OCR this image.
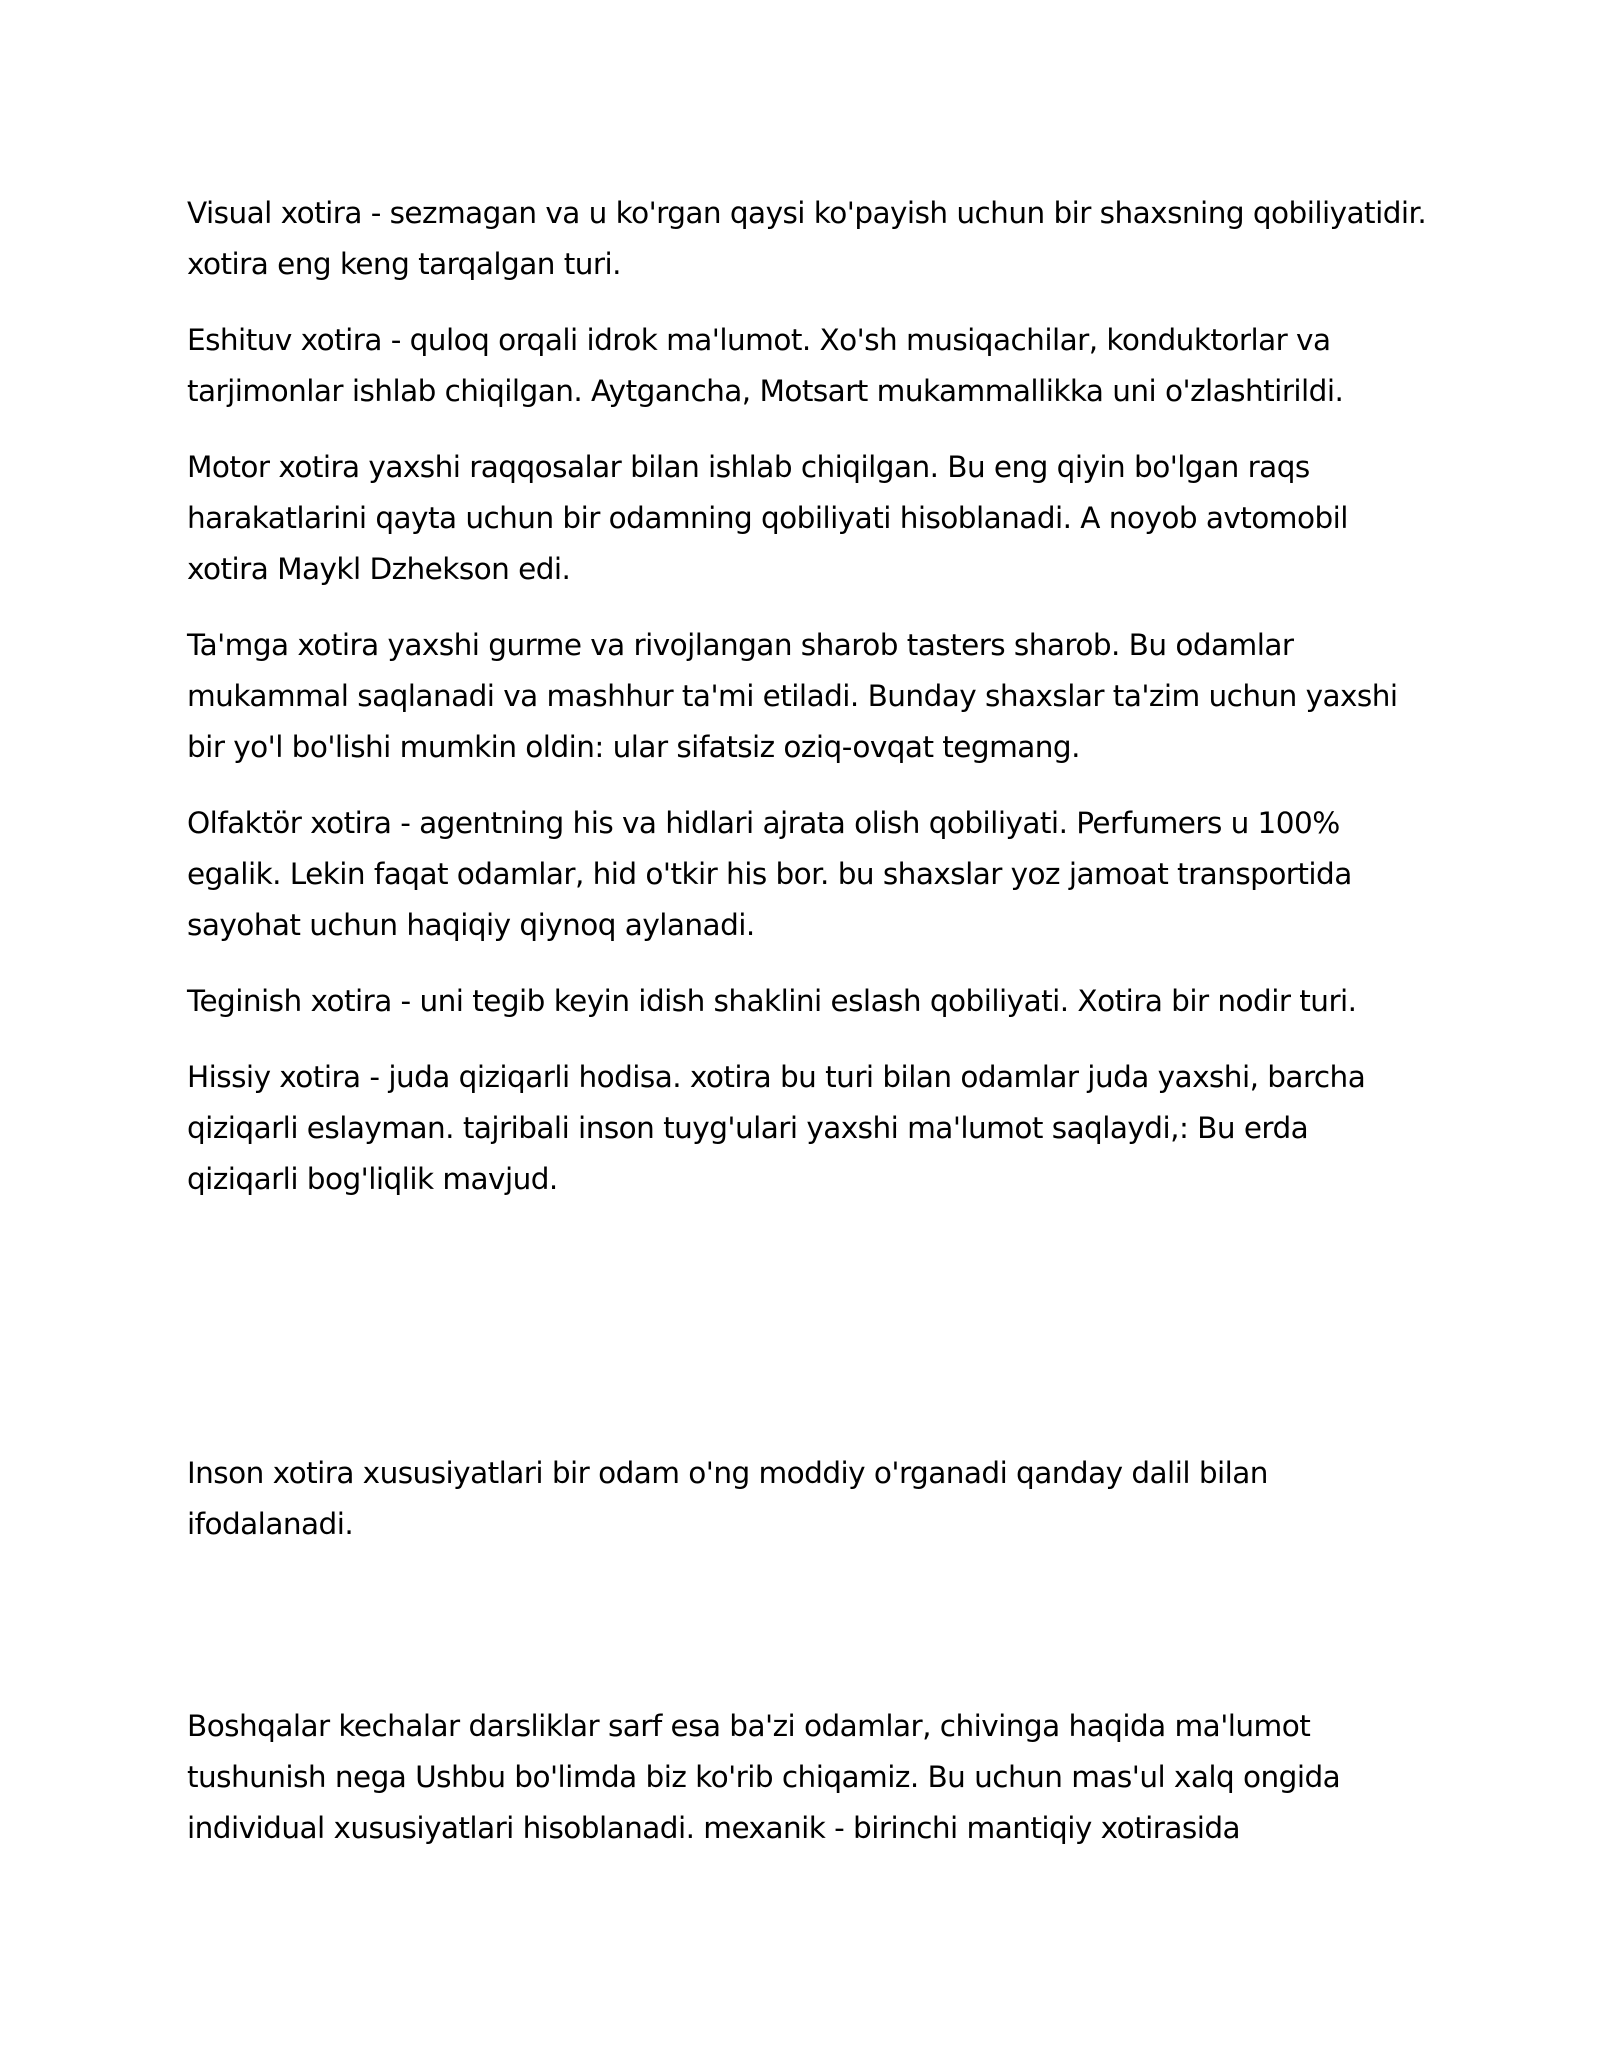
Visual xotira - sezmagan va u ko'rgan qaysi ko'payish uchun bir shaxsning qobiliyatidir. xotira eng keng tarqalgan turi.

Eshituv xotira - quloq orqali idrok ma'lumot. Xo'sh musiqachilar, konduktorlar va tarjimonlar ishlab chiqilgan. Aytgancha, Motsart mukammallikka uni o'zlashtirildi.

Motor xotira yaxshi raqqosalar bilan ishlab chiqilgan. Bu eng qiyin bo'lgan raqs harakatlarini qayta uchun bir odamning qobiliyati hisoblanadi. A noyob avtomobil xotira Maykl Dzhekson edi.

Ta'mga xotira yaxshi gurme va rivojlangan sharob tasters sharob. Bu odamlar mukammal saqlanadi va mashhur ta'mi etiladi. Bunday shaxslar ta'zim uchun yaxshi bir yo'l bo'lishi mumkin oldin: ular sifatsiz oziq-ovqat tegmang.

Olfaktör xotira - agentning his va hidlari ajrata olish qobiliyati. Perfumers u 100% egalik. Lekin faqat odamlar, hid o'tkir his bor. bu shaxslar yoz jamoat transportida sayohat uchun haqiqiy qiynoq aylanadi.

Teginish xotira - uni tegib keyin idish shaklini eslash qobiliyati. Xotira bir nodir turi.

Hissiy xotira - juda qiziqarli hodisa. xotira bu turi bilan odamlar juda yaxshi, barcha qiziqarli eslayman. tajribali inson tuyg'ulari yaxshi ma'lumot saqlaydi,: Bu erda qiziqarli bog'liqlik mavjud.

Inson xotira xususiyatlari bir odam o'ng moddiy o'rganadi qanday dalil bilan ifodalanadi.

Boshqalar kechalar darsliklar sarf esa ba'zi odamlar, chivinga haqida ma'lumot tushunish nega Ushbu bo'limda biz ko'rib chiqamiz. Bu uchun mas'ul xalq ongida individual xususiyatlari hisoblanadi. mexanik - birinchi mantiqiy xotirasida
